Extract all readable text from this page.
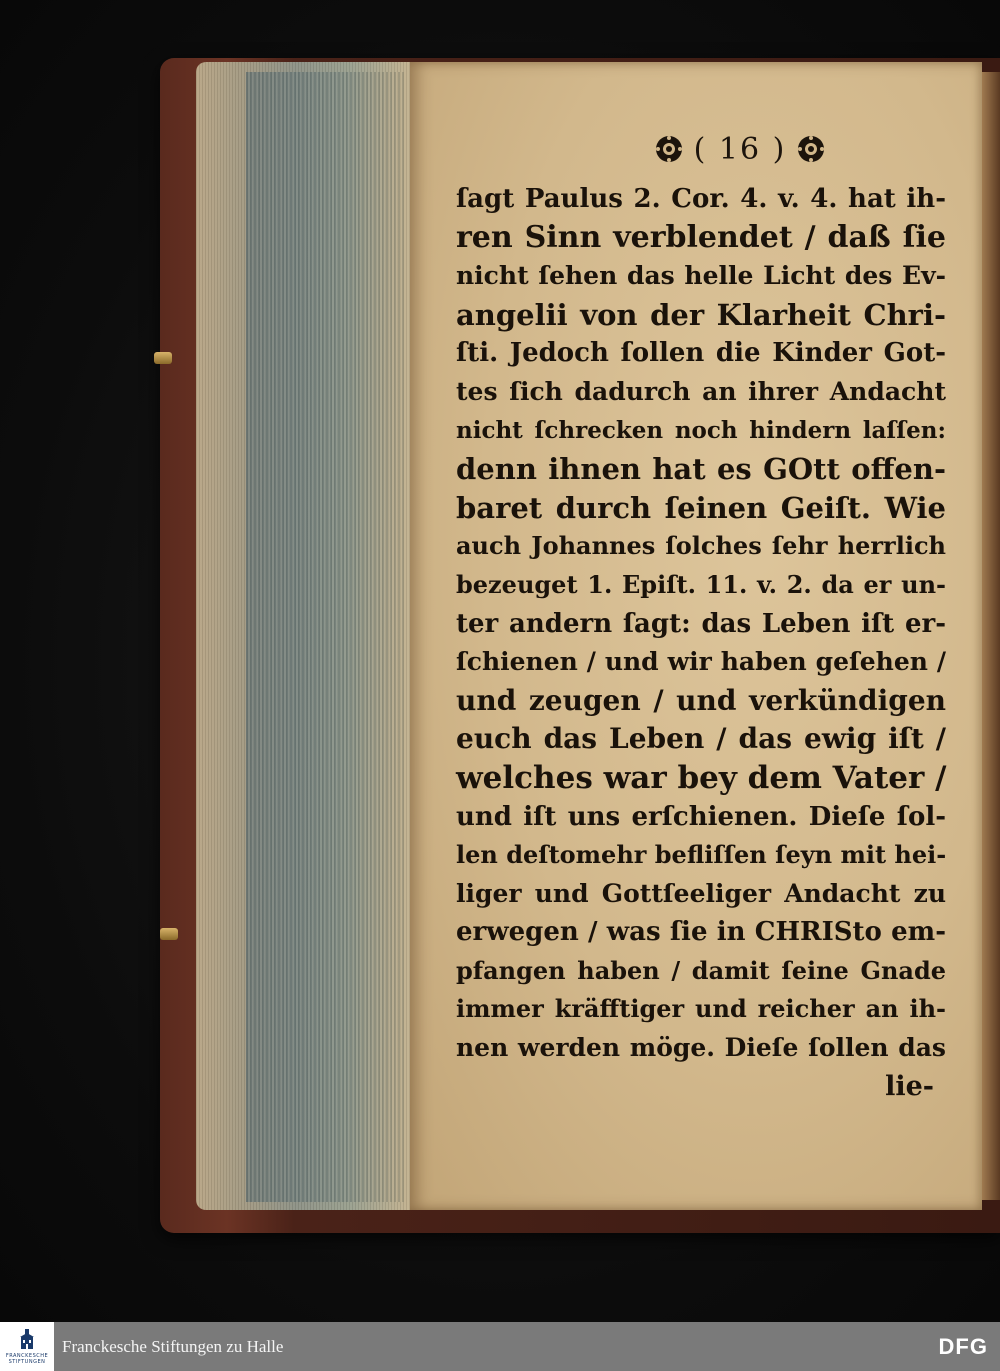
( 16 )
ſagt Paulus 2. Cor. 4. v. 4. hat ih-
ren Sinn verblendet / daß ſie
nicht ſehen das helle Licht des Ev-
angelii von der Klarheit Chri-
ſti. Jedoch ſollen die Kinder Got-
tes ſich dadurch an ihrer Andacht
nicht ſchrecken noch hindern laſſen:
denn ihnen hat es GOtt offen-
baret durch ſeinen Geiſt. Wie
auch Johannes ſolches ſehr herrlich
bezeuget 1. Epiſt. 11. v. 2. da er un-
ter andern ſagt: das Leben iſt er-
ſchienen / und wir haben geſehen /
und zeugen / und verkündigen
euch das Leben / das ewig iſt /
welches war bey dem Vater /
und iſt uns erſchienen. Dieſe ſol-
len deſtomehr befliſſen ſeyn mit hei-
liger und Gottſeeliger Andacht zu
erwegen / was ſie in CHRISto em-
pfangen haben / damit ſeine Gnade
immer kräfftiger und reicher an ih-
nen werden möge. Dieſe ſollen das
lie-
FRANCKESCHE
STIFTUNGEN
Franckesche Stiftungen zu Halle	DFG
